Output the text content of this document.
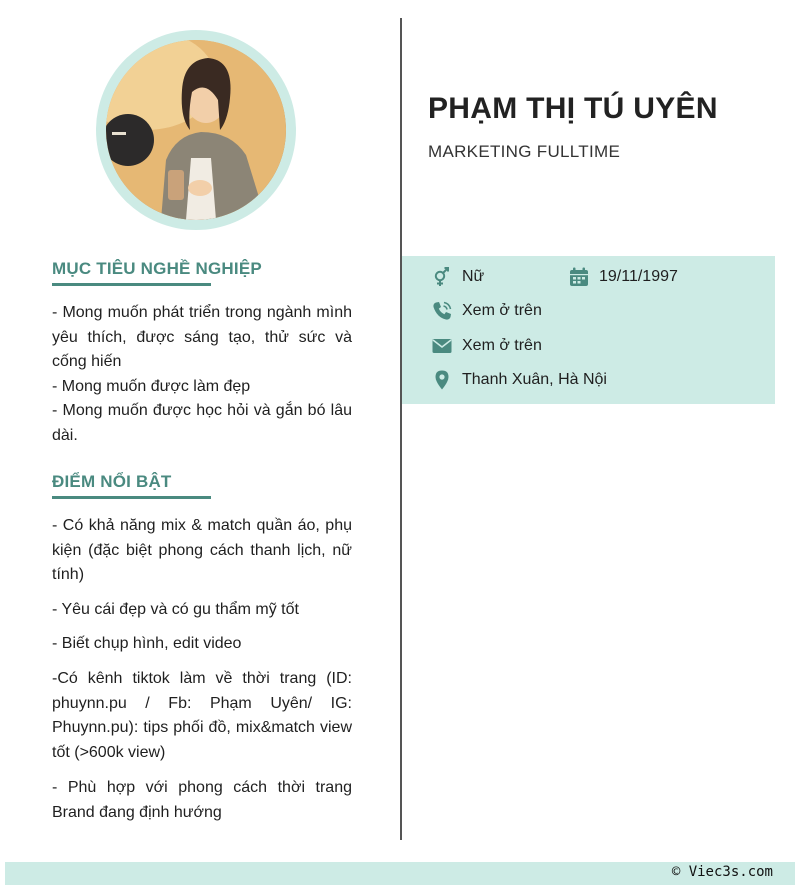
MỤC TIÊU NGHỀ NGHIỆP
- Mong muốn phát triển trong ngành mình yêu thích, được sáng tạo, thử sức và cống hiến
- Mong muốn được làm đẹp
- Mong muốn được học hỏi và gắn bó lâu dài.
ĐIỂM NỔI BẬT
- Có khả năng mix & match quần áo, phụ kiện (đặc biệt phong cách thanh lịch, nữ tính)
- Yêu cái đẹp và có gu thẩm mỹ tốt
- Biết chụp hình, edit video
-Có kênh tiktok làm về thời trang (ID: phuynn.pu / Fb: Phạm Uyên/ IG: Phuynn.pu): tips phối đồ, mix&match view tốt (>600k view)
- Phù hợp với phong cách thời trang Brand đang định hướng
PHẠM THỊ TÚ UYÊN
MARKETING FULLTIME
Nữ	19/11/1997
Xem ở trên
Xem ở trên
Thanh Xuân, Hà Nội
© Viec3s.com
